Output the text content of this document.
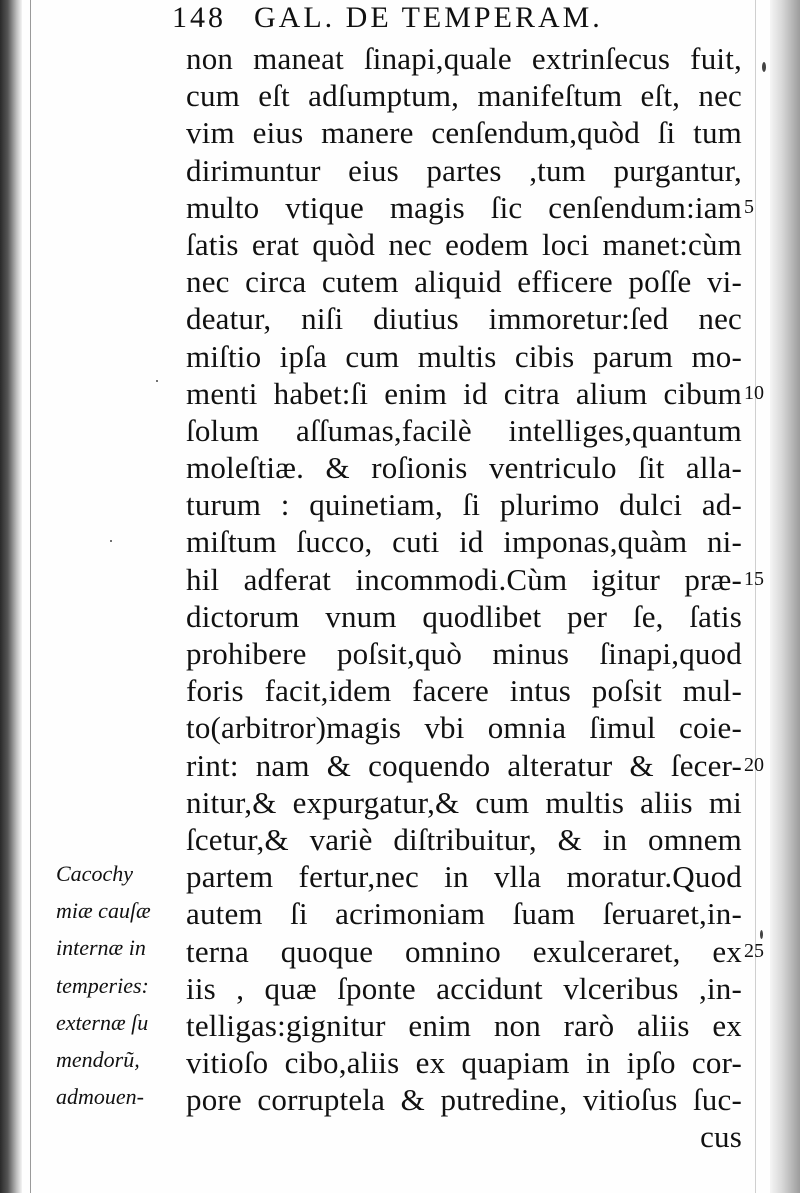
148 GAL. DE TEMPERAM.
non maneat ſinapi,quale extrinſecus fuit,
cum eſt adſumptum, manifeſtum eſt, nec
vim eius manere cenſendum,quòd ſi tum
dirimuntur eius partes ,tum purgantur,
multo vtique magis ſic cenſendum:iam
ſatis erat quòd nec eodem loci manet:cùm
nec circa cutem aliquid efficere poſſe vi-
deatur, niſi diutius immoretur:ſed nec
miſtio ipſa cum multis cibis parum mo-
menti habet:ſi enim id citra alium cibum
ſolum aſſumas,facilè intelliges,quantum
moleſtiæ. & roſionis ventriculo ſit alla-
turum : quinetiam, ſi plurimo dulci ad-
miſtum ſucco, cuti id imponas,quàm ni-
hil adferat incommodi.Cùm igitur præ-
dictorum vnum quodlibet per ſe, ſatis
prohibere poſsit,quò minus ſinapi,quod
foris facit,idem facere intus poſsit mul-
to(arbitror)magis vbi omnia ſimul coie-
rint: nam & coquendo alteratur & ſecer-
nitur,& expurgatur,& cum multis aliis mi
ſcetur,& variè diſtribuitur, & in omnem
partem fertur,nec in vlla moratur.Quod
autem ſi acrimoniam ſuam ſeruaret,in-
terna quoque omnino exulceraret, ex
iis , quæ ſponte accidunt vlceribus ,in-
telligas:gignitur enim non rarò aliis ex
vitioſo cibo,aliis ex quapiam in ipſo cor-
pore corruptela & putredine, vitioſus ſuc-
cus
5
10
15
20
25
Cacochy
miæ cauſæ
internæ in
temperies:
externæ ſu
mendorũ,
admouen-
